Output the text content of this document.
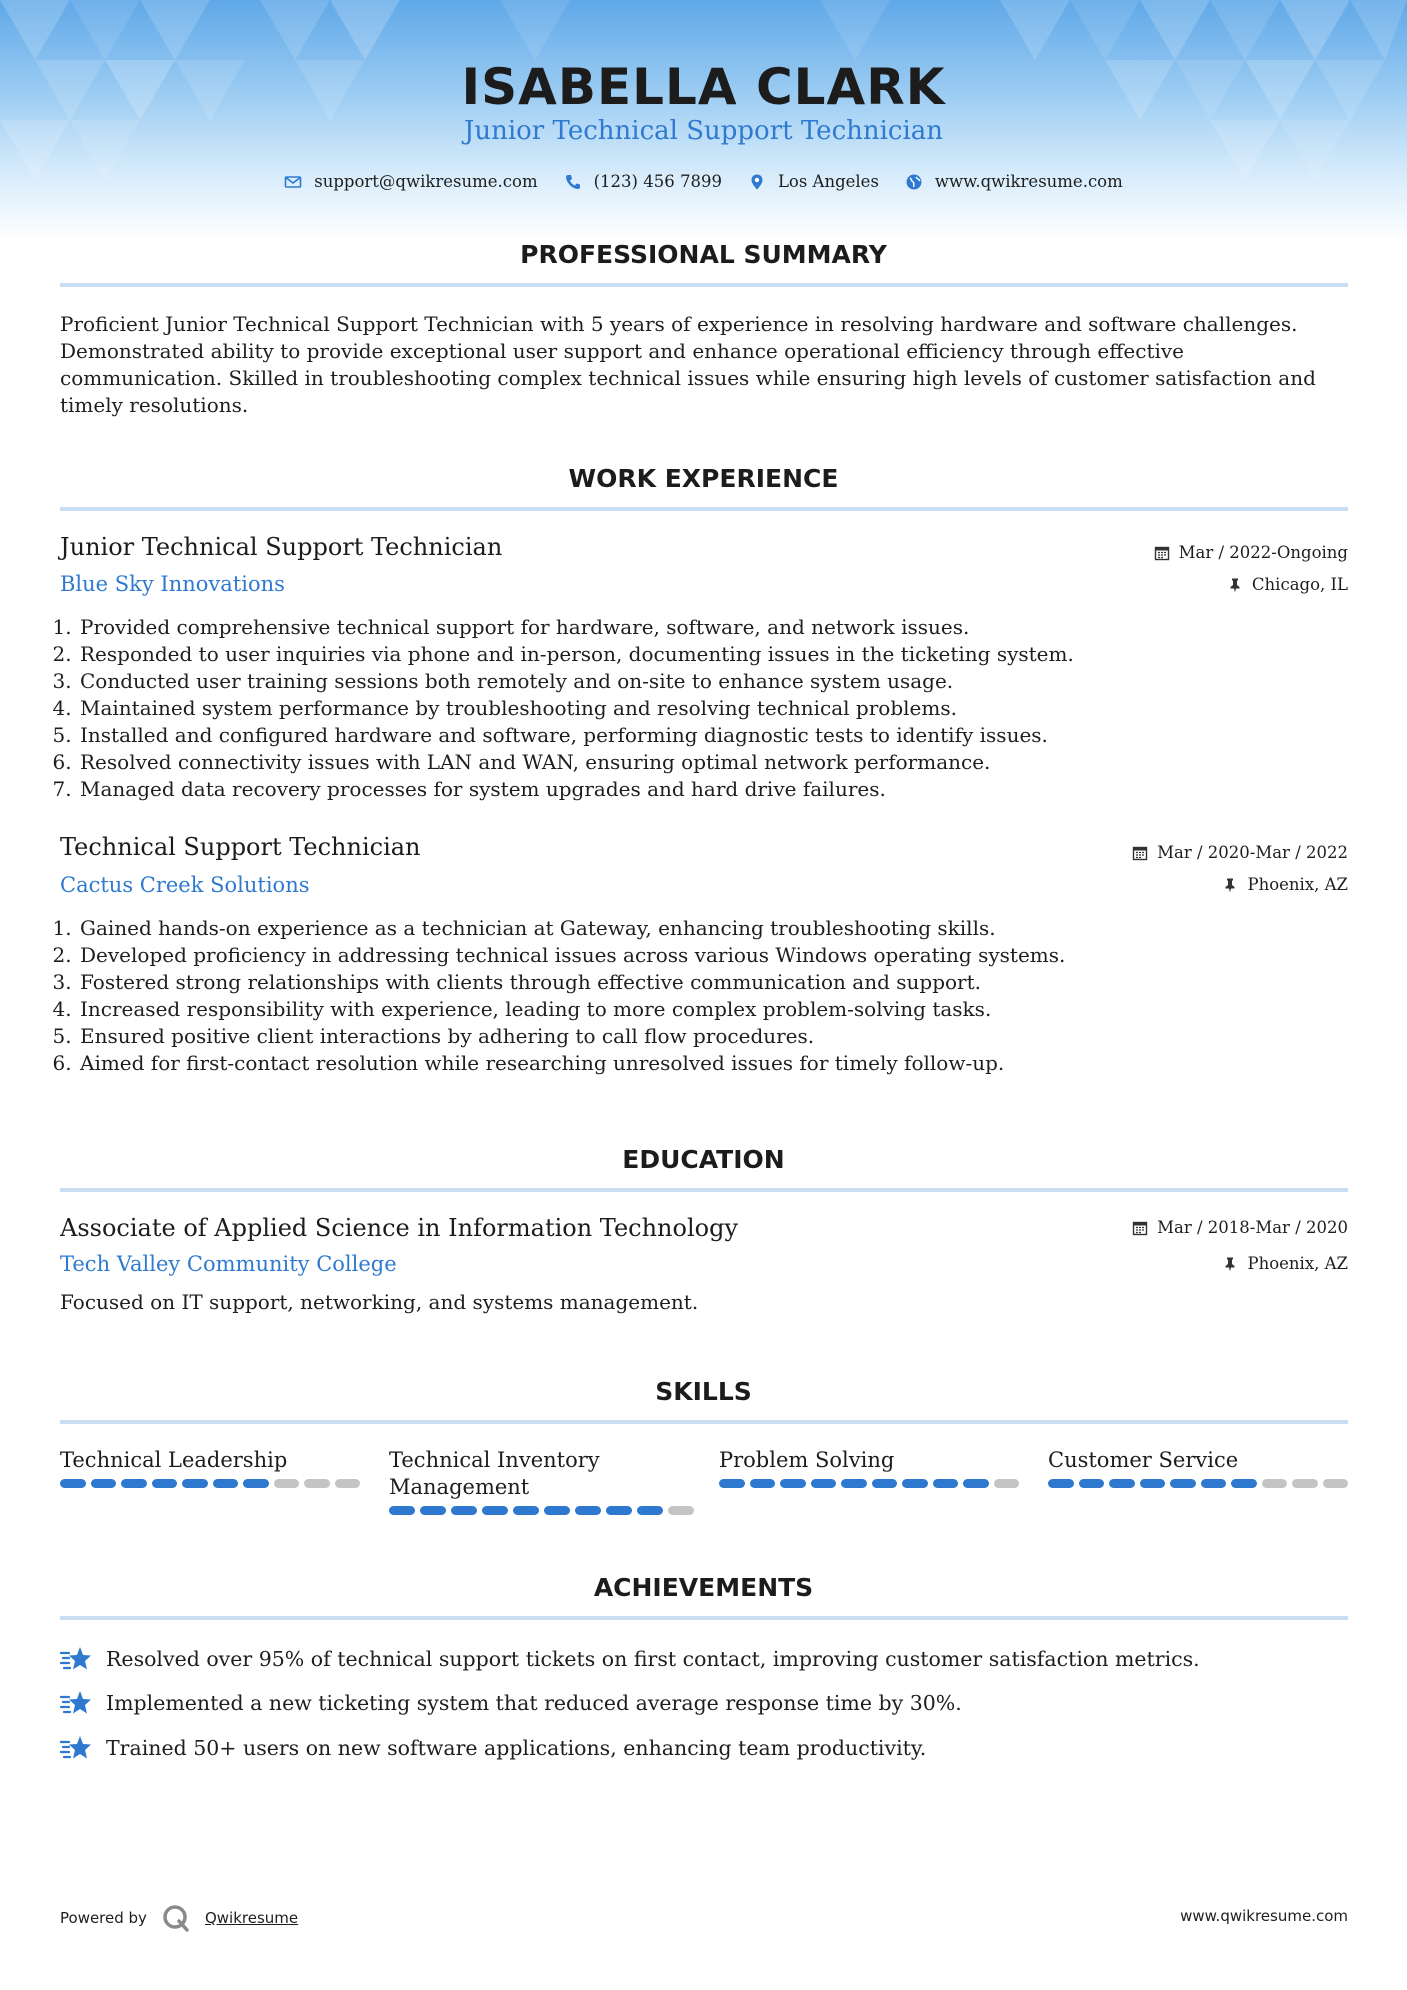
ISABELLA CLARK
Junior Technical Support Technician
support@qwikresume.com	(123) 456 7899	Los Angeles	www.qwikresume.com
PROFESSIONAL SUMMARY
Proficient Junior Technical Support Technician with 5 years of experience in resolving hardware and software challenges. Demonstrated ability to provide exceptional user support and enhance operational efficiency through effective communication. Skilled in troubleshooting complex technical issues while ensuring high levels of customer satisfaction and timely resolutions.
WORK EXPERIENCE
Junior Technical Support Technician
Blue Sky Innovations
Mar / 2022-Ongoing
Chicago, IL
1. Provided comprehensive technical support for hardware, software, and network issues.
2. Responded to user inquiries via phone and in-person, documenting issues in the ticketing system.
3. Conducted user training sessions both remotely and on-site to enhance system usage.
4. Maintained system performance by troubleshooting and resolving technical problems.
5. Installed and configured hardware and software, performing diagnostic tests to identify issues.
6. Resolved connectivity issues with LAN and WAN, ensuring optimal network performance.
7. Managed data recovery processes for system upgrades and hard drive failures.
Technical Support Technician
Cactus Creek Solutions
Mar / 2020-Mar / 2022
Phoenix, AZ
1. Gained hands-on experience as a technician at Gateway, enhancing troubleshooting skills.
2. Developed proficiency in addressing technical issues across various Windows operating systems.
3. Fostered strong relationships with clients through effective communication and support.
4. Increased responsibility with experience, leading to more complex problem-solving tasks.
5. Ensured positive client interactions by adhering to call flow procedures.
6. Aimed for first-contact resolution while researching unresolved issues for timely follow-up.
EDUCATION
Associate of Applied Science in Information Technology
Tech Valley Community College
Mar / 2018-Mar / 2020
Phoenix, AZ
Focused on IT support, networking, and systems management.
SKILLS
Technical Leadership	Technical Inventory Management
Problem Solving	Customer Service
ACHIEVEMENTS
Resolved over 95% of technical support tickets on first contact, improving customer satisfaction metrics.
Implemented a new ticketing system that reduced average response time by 30%.
Trained 50+ users on new software applications, enhancing team productivity.
Powered by	Qwikresume	www.qwikresume.com
